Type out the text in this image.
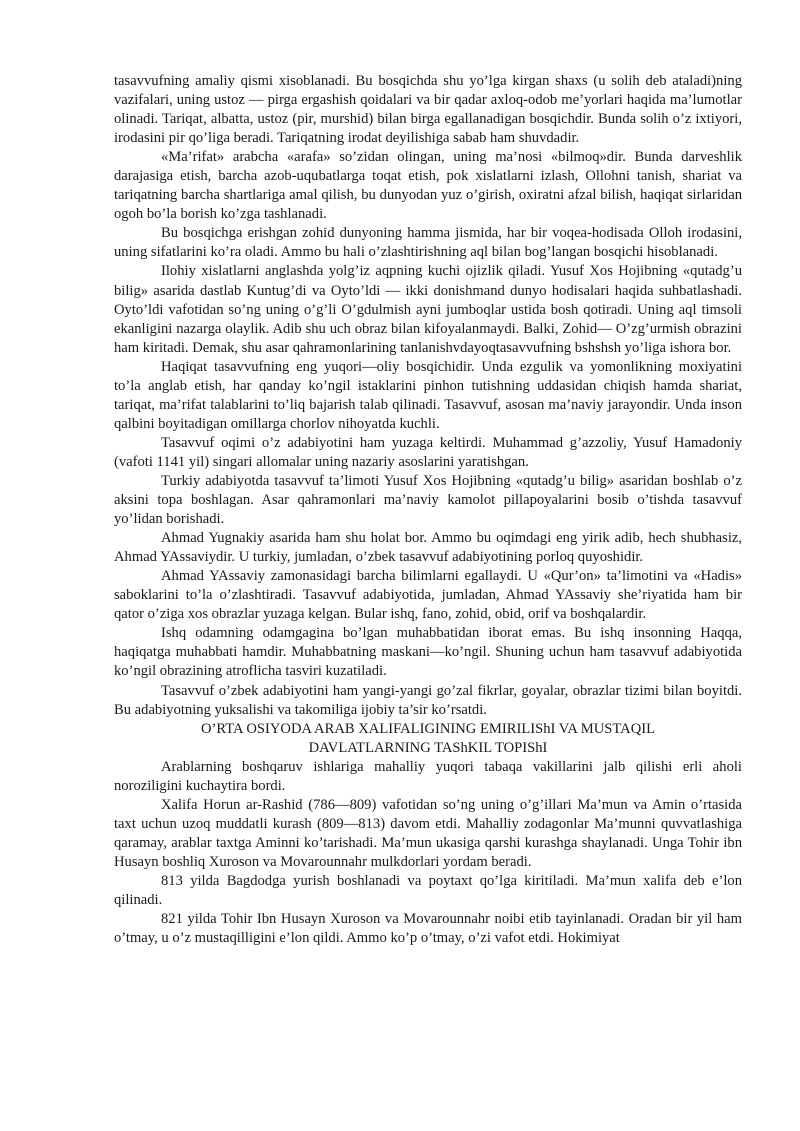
tasavvufning amaliy qismi xisoblanadi. Bu bosqichda shu yo’lga kirgan shaxs (u solih deb ataladi)ning vazifalari, uning ustoz — pirga ergashish qoidalari va bir qadar axloq-odob me’yorlari haqida ma’lumotlar olinadi. Tariqat, albatta, ustoz (pir, murshid) bilan birga egallanadigan bosqichdir. Bunda solih o’z ixtiyori, irodasini pir qo’liga beradi. Tariqatning irodat deyilishiga sabab ham shuvdadir.

«Ma’rifat» arabcha «arafa» so’zidan olingan, uning ma’nosi «bilmoq»dir. Bunda darveshlik darajasiga etish, barcha azob-uqubatlarga toqat etish, pok xislatlarni izlash, Ollohni tanish, shariat va tariqatning barcha shartlariga amal qilish, bu dunyodan yuz o’girish, oxiratni afzal bilish, haqiqat sirlaridan ogoh bo’la borish ko’zga tashlanadi.

Bu bosqichga erishgan zohid dunyoning hamma jismida, har bir voqea-hodisada Olloh irodasini, uning sifatlarini ko’ra oladi. Ammo bu hali o’zlashtirishning aql bilan bog’langan bosqichi hisoblanadi.

Ilohiy xislatlarni anglashda yolg’iz aqpning kuchi ojizlik qiladi. Yusuf Xos Hojibning «qutadg’u bilig» asarida dastlab Kuntug’di va Oyto’ldi — ikki donishmand dunyo hodisalari haqida suhbatlashadi. Oyto’ldi vafotidan so’ng uning o’g’li O’gdulmish ayni jumboqlar ustida bosh qotiradi. Uning aql timsoli ekanligini nazarga olaylik. Adib shu uch obraz bilan kifoyalanmaydi. Balki, Zohid— O’zg’urmish obrazini ham kiritadi. Demak, shu asar qahramonlarining tanlanishvdayoqtasavvufning bshshsh yo’liga ishora bor.

Haqiqat tasavvufning eng yuqori—oliy bosqichidir. Unda ezgulik va yomonlikning moxiyatini to’la anglab etish, har qanday ko’ngil istaklarini pinhon tutishning uddasidan chiqish hamda shariat, tariqat, ma’rifat talablarini to’liq bajarish talab qilinadi. Tasavvuf, asosan ma’naviy jarayondir. Unda inson qalbini boyitadigan omillarga chorlov nihoyatda kuchli.

Tasavvuf oqimi o’z adabiyotini ham yuzaga keltirdi. Muhammad g’azzoliy, Yusuf Hamadoniy (vafoti 1141 yil) singari allomalar uning nazariy asoslarini yaratishgan.

Turkiy adabiyotda tasavvuf ta’limoti Yusuf Xos Hojibning «qutadg’u bilig» asaridan boshlab o’z aksini topa boshlagan. Asar qahramonlari ma’naviy kamolot pillapoyalarini bosib o’tishda tasavvuf yo’lidan borishadi.

Ahmad Yugnakiy asarida ham shu holat bor. Ammo bu oqimdagi eng yirik adib, hech shubhasiz, Ahmad YAssaviydir. U turkiy, jumladan, o’zbek tasavvuf adabiyotining porloq quyoshidir.

Ahmad YAssaviy zamonasidagi barcha bilimlarni egallaydi. U «Qur’on» ta’limotini va «Hadis» saboklarini to’la o’zlashtiradi. Tasavvuf adabiyotida, jumladan, Ahmad YAssaviy she’riyatida ham bir qator o’ziga xos obrazlar yuzaga kelgan. Bular ishq, fano, zohid, obid, orif va boshqalardir.

Ishq odamning odamgagina bo’lgan muhabbatidan iborat emas. Bu ishq insonning Haqqa, haqiqatga muhabbati hamdir. Muhabbatning maskani—ko’ngil. Shuning uchun ham tasavvuf adabiyotida ko’ngil obrazining atroflicha tasviri kuzatiladi.

Tasavvuf o’zbek adabiyotini ham yangi-yangi go’zal fikrlar, goyalar, obrazlar tizimi bilan boyitdi. Bu adabiyotning yuksalishi va takomiliga ijobiy ta’sir ko’rsatdi.

O’RTA OSIYODA ARAB XALIFALIGINING EMIRILIShI VA MUSTAQIL
DAVLATLARNING TAShKIL TOPIShI

Arablarning boshqaruv ishlariga mahalliy yuqori tabaqa vakillarini jalb qilishi erli aholi noroziligini kuchaytira bordi.

Xalifa Horun ar-Rashid (786—809) vafotidan so’ng uning o’g’illari Ma’mun va Amin o’rtasida taxt uchun uzoq muddatli kurash (809—813) davom etdi. Mahalliy zodagonlar Ma’munni quvvatlashiga qaramay, arablar taxtga Aminni ko’tarishadi. Ma’mun ukasiga qarshi kurashga shaylanadi. Unga Tohir ibn Husayn boshliq Xuroson va Movarounnahr mulkdorlari yordam beradi.

813 yilda Bagdodga yurish boshlanadi va poytaxt qo’lga kiritiladi. Ma’mun xalifa deb e’lon qilinadi.

821 yilda Tohir Ibn Husayn Xuroson va Movarounnahr noibi etib tayinlanadi. Oradan bir yil ham o’tmay, u o’z mustaqilligini e’lon qildi. Ammo ko’p o’tmay, o’zi vafot etdi. Hokimiyat
